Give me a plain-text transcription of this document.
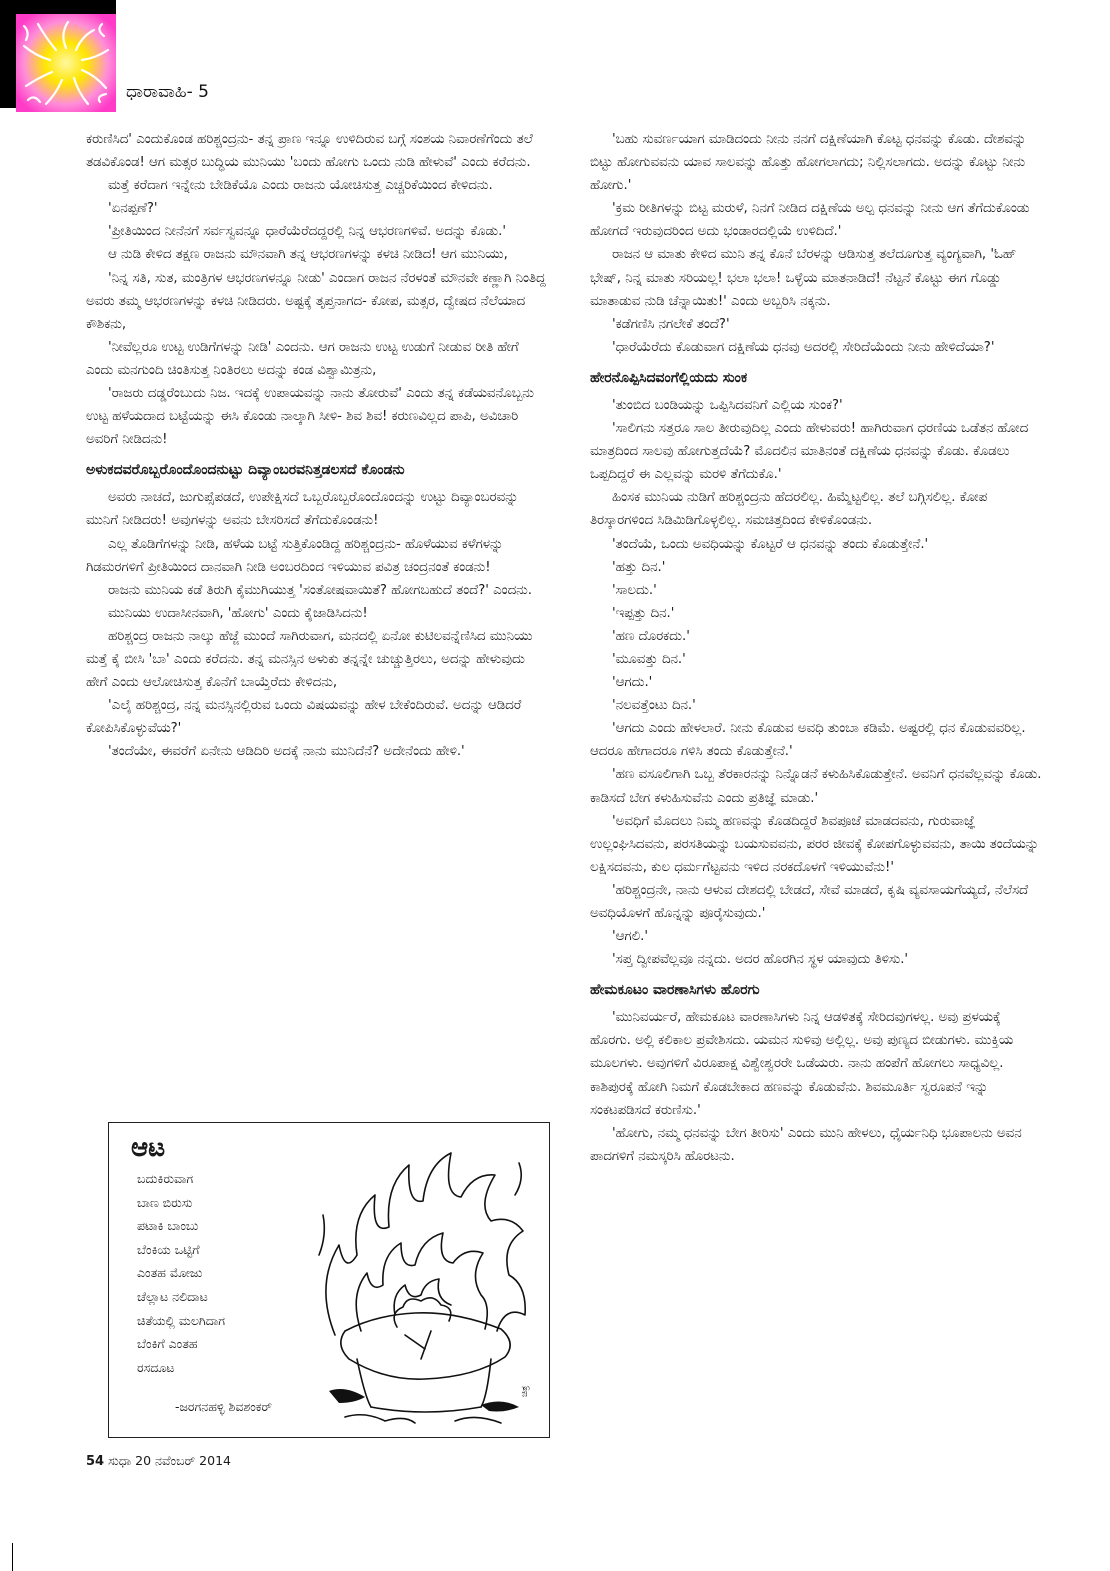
ಧಾರಾವಾಹಿ- 5

ಕರುಣಿಸಿದ' ಎಂದುಕೊಂಡ ಹರಿಶ್ಚಂದ್ರನು- ತನ್ನ ಪ್ರಾಣ ಇನ್ನೂ ಉಳಿದಿರುವ ಬಗ್ಗೆ ಸಂಶಯ ನಿವಾರಣೆಗೆಂದು ತಲೆ ತಡವಿಕೊಂಡ! ಆಗ ಮತ್ಸರ ಬುದ್ಧಿಯ ಮುನಿಯು 'ಬಂದು ಹೋಗು ಒಂದು ನುಡಿ ಹೇಳುವೆ' ಎಂದು ಕರೆದನು.

ಮತ್ತೆ ಕರೆದಾಗ ಇನ್ನೇನು ಬೇಡಿಕೆಯೊ ಎಂದು ರಾಜನು ಯೋಚಿಸುತ್ತ ಎಚ್ಚರಿಕೆಯಿಂದ ಕೇಳಿದನು.

'ಏನಪ್ಪಣೆ?'

'ಪ್ರೀತಿಯಿಂದ ನೀನೆನಗೆ ಸರ್ವಸ್ವವನ್ನೂ ಧಾರೆಯೆರೆದದ್ದರಲ್ಲಿ ನಿನ್ನ ಆಭರಣಗಳಿವೆ. ಅದನ್ನು ಕೊಡು.'

ಆ ನುಡಿ ಕೇಳಿದ ತಕ್ಷಣ ರಾಜನು ಮೌನವಾಗಿ ತನ್ನ ಆಭರಣಗಳನ್ನು ಕಳಚಿ ನೀಡಿದ! ಆಗ ಮುನಿಯು,

'ನಿನ್ನ ಸತಿ, ಸುತ, ಮಂತ್ರಿಗಳ ಆಭರಣಗಳನ್ನೂ ನೀಡು' ಎಂದಾಗ ರಾಜನ ನೆರಳಂತೆ ಮೌನವೇ ಕಣ್ಣಾಗಿ ನಿಂತಿದ್ದ ಅವರು ತಮ್ಮ ಆಭರಣಗಳನ್ನು ಕಳಚಿ ನೀಡಿದರು. ಅಷ್ಟಕ್ಕೆ ತೃಪ್ತನಾಗದ- ಕೋಪ, ಮತ್ಸರ, ದ್ವೇಷದ ನೆಲೆಯಾದ ಕೌಶಿಕನು,

'ನೀವೆಲ್ಲರೂ ಉಟ್ಟ ಉಡಿಗೆಗಳನ್ನು ನೀಡಿ' ಎಂದನು. ಆಗ ರಾಜನು ಉಟ್ಟ ಉಡುಗೆ ನೀಡುವ ರೀತಿ ಹೇಗೆ ಎಂದು ಮನಗುಂದಿ ಚಿಂತಿಸುತ್ತ ನಿಂತಿರಲು ಅದನ್ನು ಕಂಡ ವಿಶ್ವಾಮಿತ್ರನು,

'ರಾಜರು ದಡ್ಡರೆಂಬುದು ನಿಜ. ಇದಕ್ಕೆ ಉಪಾಯವನ್ನು ನಾನು ತೋರುವೆ' ಎಂದು ತನ್ನ ಕಡೆಯವನೊಬ್ಬನು ಉಟ್ಟ ಹಳೆಯದಾದ ಬಟ್ಟೆಯನ್ನು ಈಸಿ ಕೊಂಡು ನಾಲ್ಕಾಗಿ ಸೀಳಿ- ಶಿವ ಶಿವ! ಕರುಣವಿಲ್ಲದ ಪಾಪಿ, ಅವಿಚಾರಿ ಅವರಿಗೆ ನೀಡಿದನು!

ಅಳುಕದವರೊಬ್ಬರೊಂದೊಂದನುಟ್ಟು ದಿವ್ಯಾಂಬರವನಿತ್ತಡಲಸದೆ ಕೊಂಡನು

ಅವರು ನಾಚದೆ, ಜುಗುಪ್ಸೆಪಡದೆ, ಉಪೇಕ್ಷಿಸದೆ ಒಬ್ಬರೊಬ್ಬರೊಂದೊಂದನ್ನು ಉಟ್ಟು ದಿವ್ಯಾಂಬರವನ್ನು ಮುನಿಗೆ ನೀಡಿದರು! ಅವುಗಳನ್ನು ಅವನು ಬೇಸರಿಸದೆ ತೆಗೆದುಕೊಂಡನು!

ಎಲ್ಲ ತೊಡಿಗೆಗಳನ್ನು ನೀಡಿ, ಹಳೆಯ ಬಟ್ಟೆ ಸುತ್ತಿಕೊಂಡಿದ್ದ ಹರಿಶ್ಚಂದ್ರನು- ಹೊಳೆಯುವ ಕಳೆಗಳನ್ನು ಗಿಡಮರಗಳಿಗೆ ಪ್ರೀತಿಯಿಂದ ದಾನವಾಗಿ ನೀಡಿ ಅಂಬರದಿಂದ ಇಳಿಯುವ ಪವಿತ್ರ ಚಂದ್ರನಂತೆ ಕಂಡನು!

ರಾಜನು ಮುನಿಯ ಕಡೆ ತಿರುಗಿ ಕೈಮುಗಿಯುತ್ತ 'ಸಂತೋಷವಾಯಿತೆ? ಹೋಗಬಹುದೆ ತಂದೆ?' ಎಂದನು.

ಮುನಿಯು ಉದಾಸೀನವಾಗಿ, 'ಹೋಗು' ಎಂದು ಕೈಜಾಡಿಸಿದನು!

ಹರಿಶ್ಚಂದ್ರ ರಾಜನು ನಾಲ್ಕು ಹೆಜ್ಜೆ ಮುಂದೆ ಸಾಗಿರುವಾಗ, ಮನದಲ್ಲಿ ಏನೋ ಕುಟಿಲವನ್ನೆಣಿಸಿದ ಮುನಿಯು ಮತ್ತೆ ಕೈ ಬೀಸಿ 'ಬಾ' ಎಂದು ಕರೆದನು. ತನ್ನ ಮನಸ್ಸಿನ ಅಳುಕು ತನ್ನನ್ನೇ ಚುಚ್ಚುತ್ತಿರಲು, ಅದನ್ನು ಹೇಳುವುದು ಹೇಗೆ ಎಂದು ಆಲೋಚಿಸುತ್ತ ಕೊನೆಗೆ ಬಾಯ್ತೆರೆದು ಕೇಳಿದನು,

'ಎಲೈ ಹರಿಶ್ಚಂದ್ರ, ನನ್ನ ಮನಸ್ಸಿನಲ್ಲಿರುವ ಒಂದು ವಿಷಯವನ್ನು ಹೇಳ ಬೇಕೆಂದಿರುವೆ. ಅದನ್ನು ಆಡಿದರೆ ಕೋಪಿಸಿಕೊಳ್ಳುವೆಯ?'

'ತಂದೆಯೇ, ಈವರೆಗೆ ಏನೇನು ಆಡಿದಿರಿ ಅದಕ್ಕೆ ನಾನು ಮುನಿದೆನೆ? ಅದೇನೆಂದು ಹೇಳಿ.'

ಆಟ
ಬದುಕಿರುವಾಗ
ಬಾಣ ಬಿರುಸು
ಪಟಾಕಿ ಬಾಂಬು
ಬೆಂಕಿಯ ಒಟ್ಟಿಗೆ
ಎಂತಹ ಮೋಜು
ಚೆಲ್ಲಾಟ ನಲಿದಾಟ
ಚಿತೆಯಲ್ಲಿ ಮಲಗಿದಾಗ
ಬೆಂಕಿಗೆ ಎಂತಹ
ರಸದೂಟ
-ಜರಗನಹಳ್ಳಿ ಶಿವಶಂಕರ್
ಚಿತ್ರ

'ಬಹು ಸುವರ್ಣಯಾಗ ಮಾಡಿದಂದು ನೀನು ನನಗೆ ದಕ್ಷಿಣೆಯಾಗಿ ಕೊಟ್ಟ ಧನವನ್ನು ಕೊಡು. ದೇಶವನ್ನು ಬಿಟ್ಟು ಹೋಗುವವನು ಯಾವ ಸಾಲವನ್ನು ಹೊತ್ತು ಹೋಗಲಾಗದು; ನಿಲ್ಲಿಸಲಾಗದು. ಅದನ್ನು ಕೊಟ್ಟು ನೀನು ಹೋಗು.'

'ಕ್ರಮ ರೀತಿಗಳನ್ನು ಬಿಟ್ಟ ಮರುಳೆ, ನಿನಗೆ ನೀಡಿದ ದಕ್ಷಿಣೆಯ ಅಲ್ಪ ಧನವನ್ನು ನೀನು ಆಗ ತೆಗೆದುಕೊಂಡು ಹೋಗದೆ ಇರುವುದರಿಂದ ಅದು ಭಂಡಾರದಲ್ಲಿಯೆ ಉಳಿದಿದೆ.'

ರಾಜನ ಆ ಮಾತು ಕೇಳಿದ ಮುನಿ ತನ್ನ ಕೊನೆ ಬೆರಳನ್ನು ಆಡಿಸುತ್ತ ತಲೆದೂಗುತ್ತ ವ್ಯಂಗ್ಯವಾಗಿ, 'ಓಹ್ ಭೇಷ್, ನಿನ್ನ ಮಾತು ಸರಿಯಲ್ಲ! ಭಲಾ ಭಲಾ! ಒಳ್ಳೆಯ ಮಾತನಾಡಿದೆ! ನೆಟ್ಟನೆ ಕೊಟ್ಟು ಈಗ ಗೊಡ್ಡು ಮಾತಾಡುವ ನುಡಿ ಚೆನ್ನಾಯಿತು!' ಎಂದು ಅಬ್ಬರಿಸಿ ನಕ್ಕನು.

'ಕಡೆಗಣಿಸಿ ನಗಲೇಕೆ ತಂದೆ?'

'ಧಾರೆಯೆರೆದು ಕೊಡುವಾಗ ದಕ್ಷಿಣೆಯ ಧನವು ಅದರಲ್ಲಿ ಸೇರಿದೆಯೆಂದು ನೀನು ಹೇಳಿದೆಯಾ?'

ಹೇರನೊಪ್ಪಿಸಿದವಂಗೆಲ್ಲಿಯದು ಸುಂಕ

'ತುಂಬಿದ ಬಂಡಿಯನ್ನು ಒಪ್ಪಿಸಿದವನಿಗೆ ಎಲ್ಲಿಯ ಸುಂಕ?'

'ಸಾಲಿಗನು ಸತ್ತರೂ ಸಾಲ ತೀರುವುದಿಲ್ಲ ಎಂದು ಹೇಳುವರು! ಹಾಗಿರುವಾಗ ಧರಣಿಯ ಒಡೆತನ ಹೋದ ಮಾತ್ರದಿಂದ ಸಾಲವು ಹೋಗುತ್ತದೆಯೆ? ಮೊದಲಿನ ಮಾತಿನಂತೆ ದಕ್ಷಿಣೆಯ ಧನವನ್ನು ಕೊಡು. ಕೊಡಲು ಒಪ್ಪದಿದ್ದರೆ ಈ ಎಲ್ಲವನ್ನು ಮರಳಿ ತೆಗೆದುಕೊ.'

ಹಿಂಸಕ ಮುನಿಯ ನುಡಿಗೆ ಹರಿಶ್ಚಂದ್ರನು ಹೆದರಲಿಲ್ಲ. ಹಿಮ್ಮೆಟ್ಟಲಿಲ್ಲ. ತಲೆ ಬಗ್ಗಿಸಲಿಲ್ಲ. ಕೋಪ ತಿರಸ್ಕಾರಗಳಿಂದ ಸಿಡಿಮಿಡಿಗೊಳ್ಳಲಿಲ್ಲ. ಸಮಚಿತ್ತದಿಂದ ಕೇಳಿಕೊಂಡನು.

'ತಂದೆಯೆ, ಒಂದು ಅವಧಿಯನ್ನು ಕೊಟ್ಟರೆ ಆ ಧನವನ್ನು ತಂದು ಕೊಡುತ್ತೇನೆ.'

'ಹತ್ತು ದಿನ.'

'ಸಾಲದು.'

'ಇಪ್ಪತ್ತು ದಿನ.'

'ಹಣ ದೊರಕದು.'

'ಮೂವತ್ತು ದಿನ.'

'ಆಗದು.'

'ನಲವತ್ತೆಂಟು ದಿನ.'

'ಆಗದು ಎಂದು ಹೇಳಲಾರೆ. ನೀನು ಕೊಡುವ ಅವಧಿ ತುಂಬಾ ಕಡಿಮೆ. ಅಷ್ಟರಲ್ಲಿ ಧನ ಕೊಡುವವರಿಲ್ಲ. ಆದರೂ ಹೇಗಾದರೂ ಗಳಿಸಿ ತಂದು ಕೊಡುತ್ತೇನೆ.'

'ಹಣ ವಸೂಲಿಗಾಗಿ ಒಬ್ಬ ತೆರಕಾರನನ್ನು ನಿನ್ನೊಡನೆ ಕಳುಹಿಸಿಕೊಡುತ್ತೇನೆ. ಅವನಿಗೆ ಧನವೆಲ್ಲವನ್ನು ಕೊಡು. ಕಾಡಿಸದೆ ಬೇಗ ಕಳುಹಿಸುವೆನು ಎಂದು ಪ್ರತಿಜ್ಞೆ ಮಾಡು.'

'ಅವಧಿಗೆ ಮೊದಲು ನಿಮ್ಮ ಹಣವನ್ನು ಕೊಡದಿದ್ದರೆ ಶಿವಪೂಜೆ ಮಾಡದವನು, ಗುರುವಾಜ್ಞೆ ಉಲ್ಲಂಘಿಸಿದವನು, ಪರಸತಿಯನ್ನು ಬಯಸುವವನು, ಪರರ ಜೀವಕ್ಕೆ ಕೋಪಗೊಳ್ಳುವವನು, ತಾಯಿ ತಂದೆಯನ್ನು ಲಕ್ಷಿಸದವನು, ಕುಲ ಧರ್ಮಗೆಟ್ಟವನು ಇಳಿದ ನರಕದೊಳಗೆ ಇಳಿಯುವೆನು!'

'ಹರಿಶ್ಚಂದ್ರನೇ, ನಾನು ಆಳುವ ದೇಶದಲ್ಲಿ ಬೇಡದೆ, ಸೇವೆ ಮಾಡದೆ, ಕೃಷಿ ವ್ಯವಸಾಯಗೆಯ್ಯದೆ, ನೆಲೆಸದೆ ಅವಧಿಯೊಳಗೆ ಹೊನ್ನನ್ನು ಪೂರೈಸುವುದು.'

'ಆಗಲಿ.'

'ಸಪ್ತ ದ್ವೀಪವೆಲ್ಲವೂ ನನ್ನದು. ಅದರ ಹೊರಗಿನ ಸ್ಥಳ ಯಾವುದು ತಿಳಿಸು.'

ಹೇಮಕೂಟಂ ವಾರಣಾಸಿಗಳು ಹೊರಗು

'ಮುನಿವರ್ಯರೆ, ಹೇಮಕೂಟ ವಾರಣಾಸಿಗಳು ನಿನ್ನ ಆಡಳಿತಕ್ಕೆ ಸೇರಿದವುಗಳಲ್ಲ. ಅವು ಪ್ರಳಯಕ್ಕೆ ಹೊರಗು. ಅಲ್ಲಿ ಕಲಿಕಾಲ ಪ್ರವೇಶಿಸದು. ಯಮನ ಸುಳಿವು ಅಲ್ಲಿಲ್ಲ. ಅವು ಪುಣ್ಯದ ಬೀಡುಗಳು. ಮುಕ್ತಿಯ ಮೂಲಗಳು. ಅವುಗಳಿಗೆ ವಿರೂಪಾಕ್ಷ ವಿಶ್ವೇಶ್ವರರೇ ಒಡೆಯರು. ನಾನು ಹಂಪೆಗೆ ಹೋಗಲು ಸಾಧ್ಯವಿಲ್ಲ. ಕಾಶಿಪುರಕ್ಕೆ ಹೋಗಿ ನಿಮಗೆ ಕೊಡಬೇಕಾದ ಹಣವನ್ನು ಕೊಡುವೆನು. ಶಿವಮೂರ್ತಿ ಸ್ವರೂಪನೆ ಇನ್ನು ಸಂಕಟಪಡಿಸದೆ ಕರುಣಿಸು.'

'ಹೋಗು, ನಮ್ಮ ಧನವನ್ನು ಬೇಗ ತೀರಿಸು' ಎಂದು ಮುನಿ ಹೇಳಲು, ಧೈರ್ಯನಿಧಿ ಭೂಪಾಲನು ಅವನ ಪಾದಗಳಿಗೆ ನಮಸ್ಕರಿಸಿ ಹೊರಟನು.

54 ಸುಧಾ 20 ನವೆಂಬರ್ 2014
